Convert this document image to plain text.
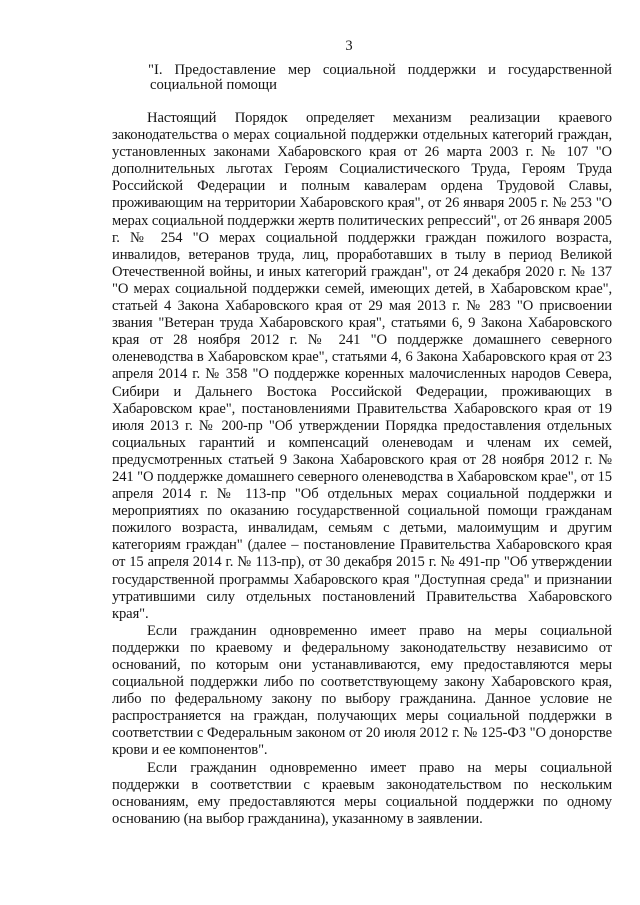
3
"I. Предоставление мер социальной поддержки и государственной социальной помощи

Настоящий Порядок определяет механизм реализации краевого законодательства о мерах социальной поддержки отдельных категорий граждан, установленных законами Хабаровского края от 26 марта 2003 г. № 107 "О дополнительных льготах Героям Социалистического Труда, Героям Труда Российской Федерации и полным кавалерам ордена Трудовой Славы, проживающим на территории Хабаровского края", от 26 января 2005 г. № 253 "О мерах социальной поддержки жертв политических репрессий", от 26 января 2005 г. № 254 "О мерах социальной поддержки граждан пожилого возраста, инвалидов, ветеранов труда, лиц, проработавших в тылу в период Великой Отечественной войны, и иных категорий граждан", от 24 декабря 2020 г. № 137 "О мерах социальной поддержки семей, имеющих детей, в Хабаровском крае", статьей 4 Закона Хабаровского края от 29 мая 2013 г. № 283 "О присвоении звания "Ветеран труда Хабаровского края", статьями 6, 9 Закона Хабаровского края от 28 ноября 2012 г. № 241 "О поддержке домашнего северного оленеводства в Хабаровском крае", статьями 4, 6 Закона Хабаровского края от 23 апреля 2014 г. № 358 "О поддержке коренных малочисленных народов Севера, Сибири и Дальнего Востока Российской Федерации, проживающих в Хабаровском крае", постановлениями Правительства Хабаровского края от 19 июля 2013 г. № 200-пр "Об утверждении Порядка предоставления отдельных социальных гарантий и компенсаций оленеводам и членам их семей, предусмотренных статьей 9 Закона Хабаровского края от 28 ноября 2012 г. № 241 "О поддержке домашнего северного оленеводства в Хабаровском крае", от 15 апреля 2014 г. № 113-пр "Об отдельных мерах социальной поддержки и мероприятиях по оказанию государственной социальной помощи гражданам пожилого возраста, инвалидам, семьям с детьми, малоимущим и другим категориям граждан" (далее – постановление Правительства Хабаровского края от 15 апреля 2014 г. № 113-пр), от 30 декабря 2015 г. № 491-пр "Об утверждении государственной программы Хабаровского края "Доступная среда" и признании утратившими силу отдельных постановлений Правительства Хабаровского края".

Если гражданин одновременно имеет право на меры социальной поддержки по краевому и федеральному законодательству независимо от оснований, по которым они устанавливаются, ему предоставляются меры социальной поддержки либо по соответствующему закону Хабаровского края, либо по федеральному закону по выбору гражданина. Данное условие не распространяется на граждан, получающих меры социальной поддержки в соответствии с Федеральным законом от 20 июля 2012 г. № 125-ФЗ "О донорстве крови и ее компонентов".

Если гражданин одновременно имеет право на меры социальной поддержки в соответствии с краевым законодательством по нескольким основаниям, ему предоставляются меры социальной поддержки по одному основанию (на выбор гражданина), указанному в заявлении.
